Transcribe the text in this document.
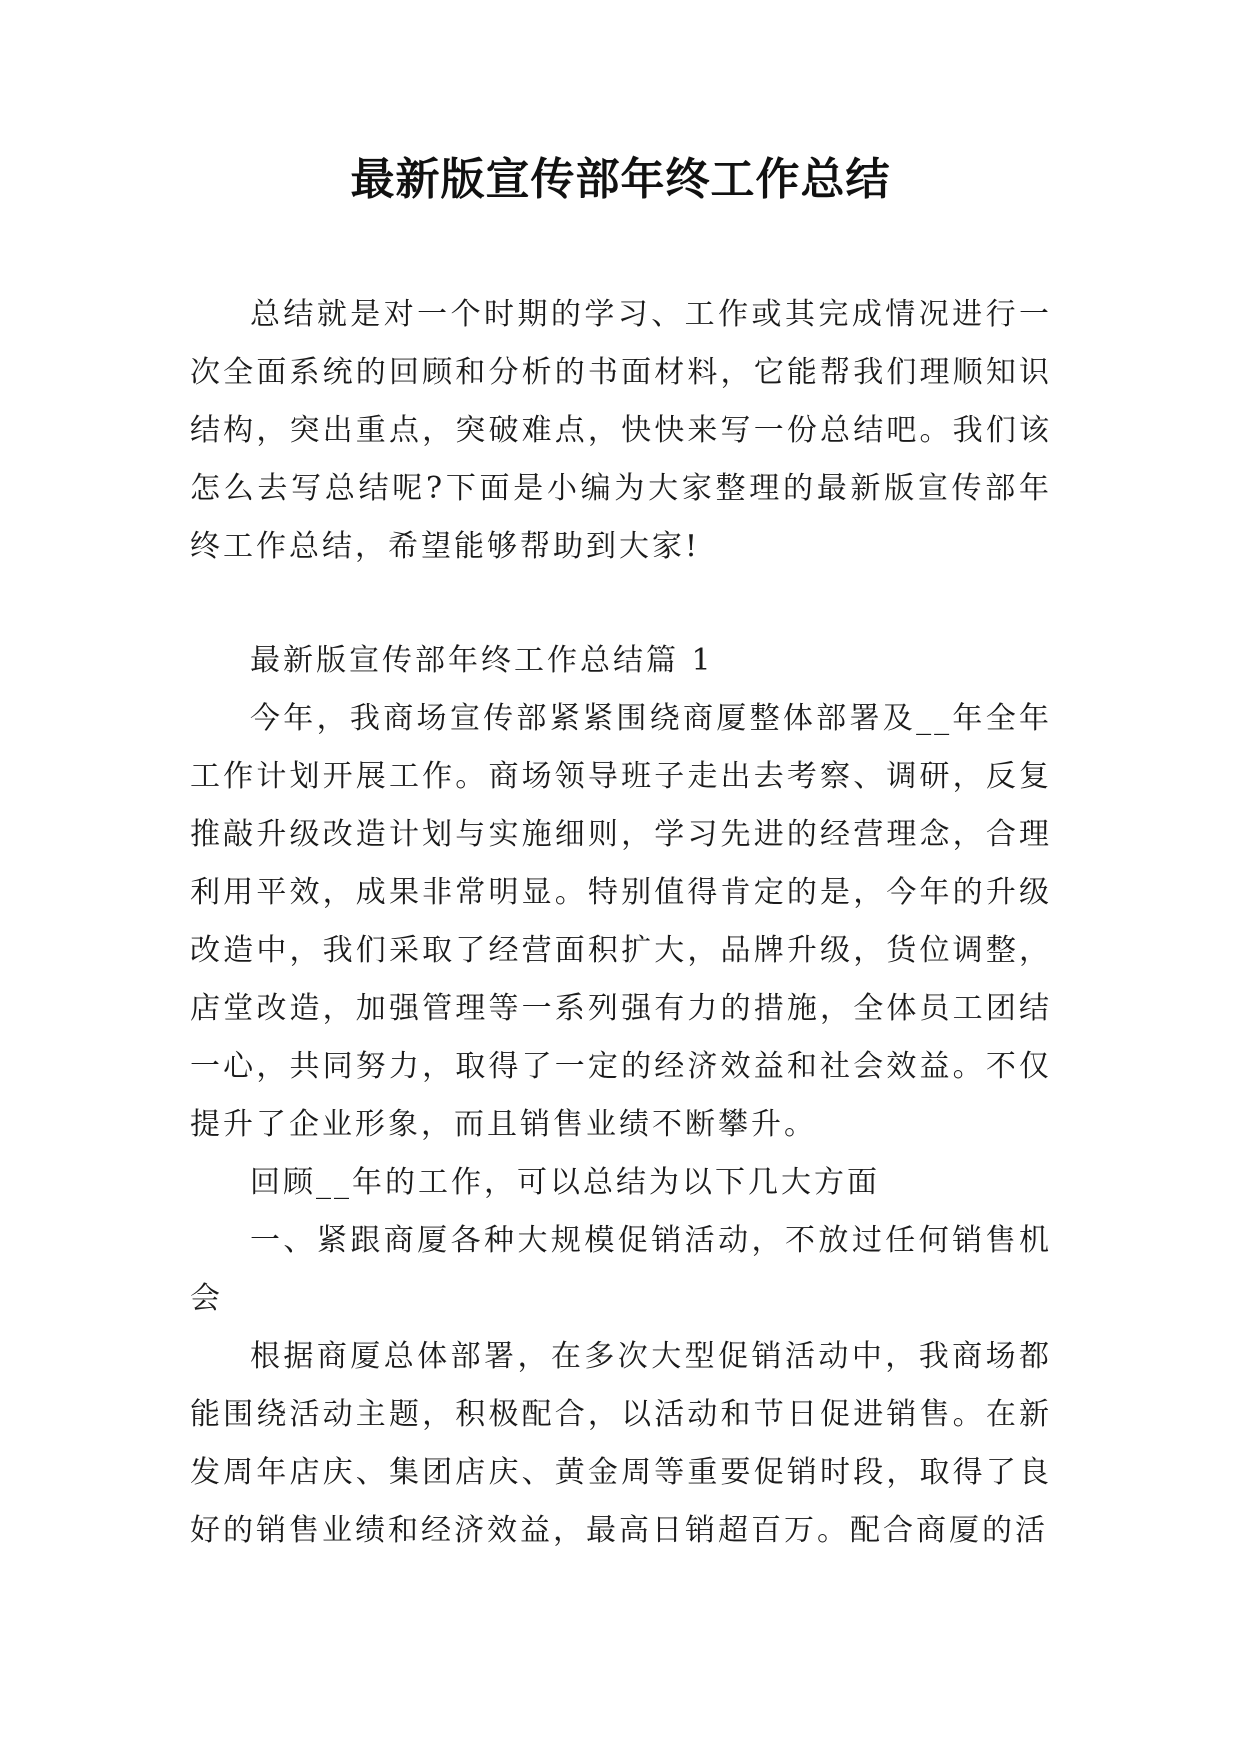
最新版宣传部年终工作总结

总结就是对一个时期的学习、工作或其完成情况进行一次全面系统的回顾和分析的书面材料，它能帮我们理顺知识结构，突出重点，突破难点，快快来写一份总结吧。我们该怎么去写总结呢?下面是小编为大家整理的最新版宣传部年终工作总结，希望能够帮助到大家!

最新版宣传部年终工作总结篇 1

今年，我商场宣传部紧紧围绕商厦整体部署及__年全年工作计划开展工作。商场领导班子走出去考察、调研，反复推敲升级改造计划与实施细则，学习先进的经营理念，合理利用平效，成果非常明显。特别值得肯定的是，今年的升级改造中，我们采取了经营面积扩大，品牌升级，货位调整，店堂改造，加强管理等一系列强有力的措施，全体员工团结一心，共同努力，取得了一定的经济效益和社会效益。不仅提升了企业形象，而且销售业绩不断攀升。

回顾__年的工作，可以总结为以下几大方面

一、紧跟商厦各种大规模促销活动，不放过任何销售机会

根据商厦总体部署，在多次大型促销活动中，我商场都能围绕活动主题，积极配合，以活动和节日促进销售。在新发周年店庆、集团店庆、黄金周等重要促销时段，取得了良好的销售业绩和经济效益，最高日销超百万。配合商厦的活
